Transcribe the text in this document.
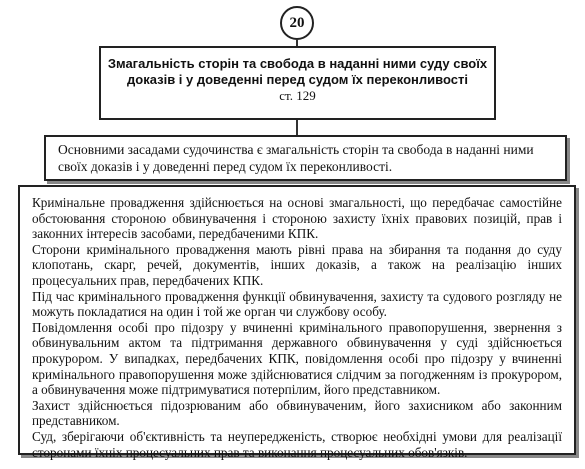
20
Змагальність сторін та свобода в наданні ними суду своїх доказів і у доведенні перед судом їх переконливості
ст. 129
Основними засадами судочинства є змагальність сторін та свобода в наданні ними своїх доказів і у доведенні перед судом їх переконливості.

Кримінальне провадження здійснюється на основі змагальності, що передбачає самостійне обстоювання стороною обвинувачення і стороною захисту їхніх правових позицій, прав і законних інтересів засобами, передбаченими КПК.

Сторони кримінального провадження мають рівні права на збирання та подання до суду клопотань, скарг, речей, документів, інших доказів, а також на реалізацію інших процесуальних прав, передбачених КПК.

Під час кримінального провадження функції обвинувачення, захисту та судового розгляду не можуть покладатися на один і той же орган чи службову особу.

Повідомлення особі про підозру у вчиненні кримінального правопорушення, звернення з обвинувальним актом та підтримання державного обвинувачення у суді здійснюється прокурором. У випадках, передбачених КПК, повідомлення особі про підозру у вчиненні кримінального правопорушення може здійснюватися слідчим за погодженням із прокурором, а обвинувачення може підтримуватися потерпілим, його представником.

Захист здійснюється підозрюваним або обвинуваченим, його захисником або законним представником.

Суд, зберігаючи об'єктивність та неупередженість, створює необхідні умови для реалізації сторонами їхніх процесуальних прав та виконання процесуальних обов'язків.
